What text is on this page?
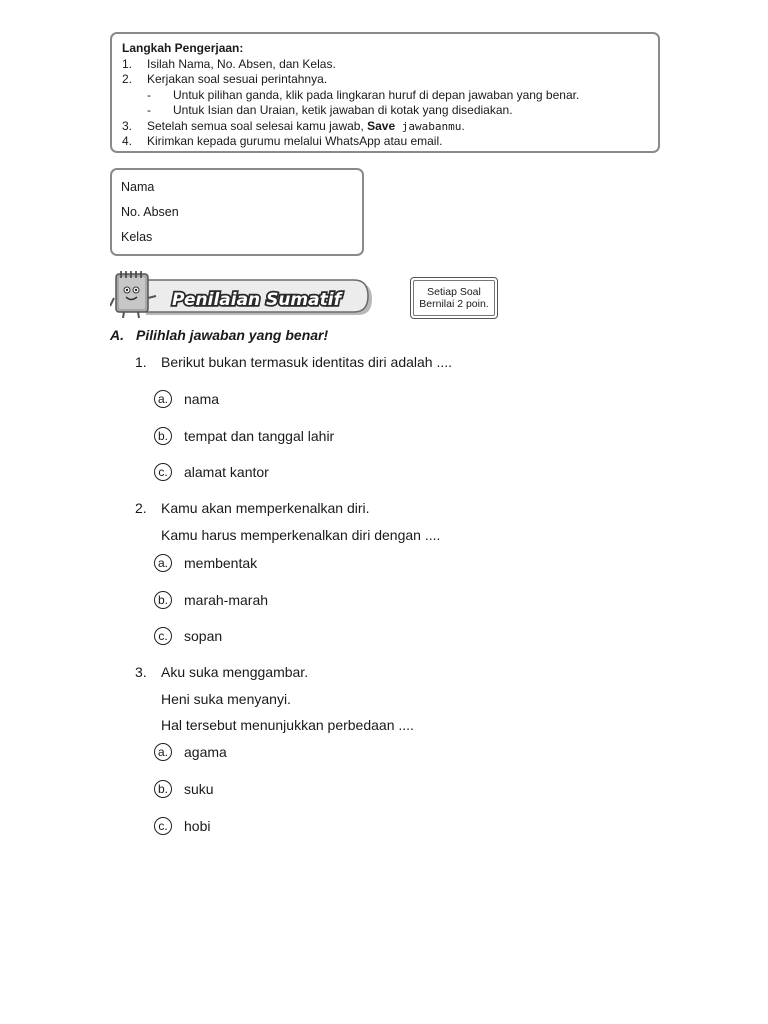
Langkah Pengerjaan:
1.	Isilah Nama, No. Absen, dan Kelas.
2.	Kerjakan soal sesuai perintahnya.
-	Untuk pilihan ganda, klik pada lingkaran huruf di depan jawaban yang benar.
-	Untuk Isian dan Uraian, ketik jawaban di kotak yang disediakan.
3.	Setelah semua soal selesai kamu jawab, Save jawabanmu.
4.	Kirimkan kepada gurumu melalui WhatsApp atau email.
Nama
No. Absen
Kelas
Penilaian Sumatif	Setiap Soal
Bernilai 2 poin.
A. Pilihlah jawaban yang benar!
1.	Berikut bukan termasuk identitas diri adalah ....
a. nama
b. tempat dan tanggal lahir
c.	alamat kantor
2.	Kamu akan memperkenalkan diri.
Kamu harus memperkenalkan diri dengan ....
a. membentak
b. marah-marah
c.	sopan
3.	Aku suka menggambar.
Heni suka menyanyi.
Hal tersebut menunjukkan perbedaan ....
a. agama
b. suku
c.	hobi
